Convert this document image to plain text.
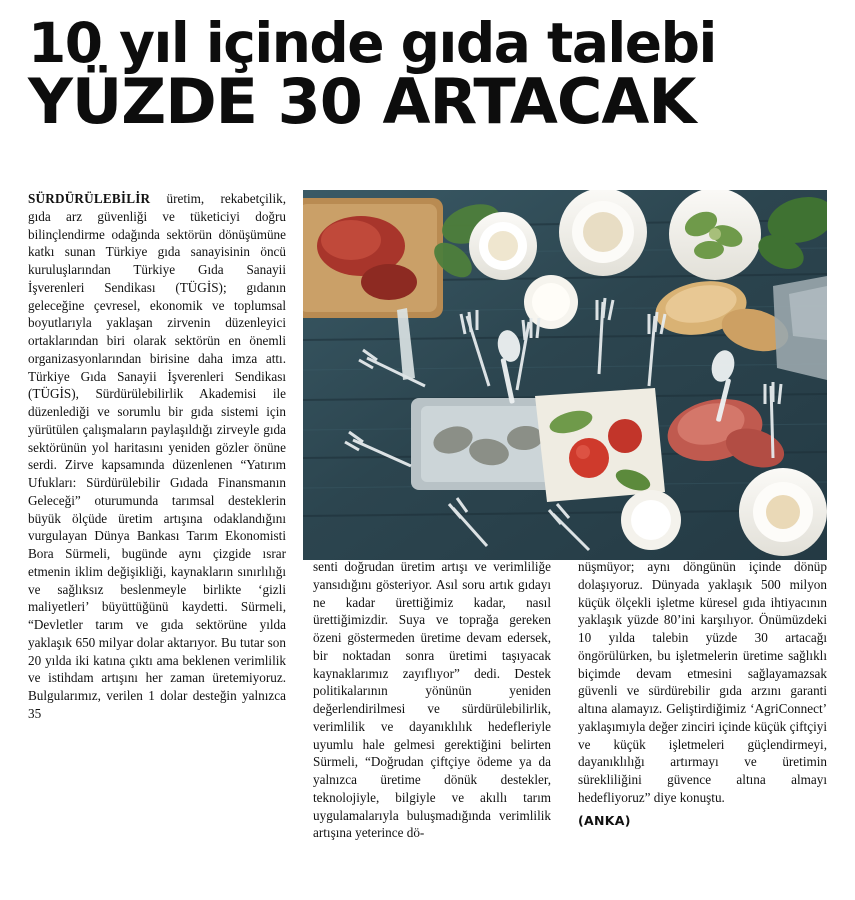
10 yıl içinde gıda talebi
YÜZDE 30 ARTACAK

SÜRDÜRÜLEBİLİR üretim, rekabetçilik, gıda arz güvenliği ve tüketiciyi doğru bilinçlendirme odağında sektörün dönüşümüne katkı sunan Türkiye gıda sanayisinin öncü kuruluşlarından Türkiye Gıda Sanayii İşverenleri Sendikası (TÜGİS); gıdanın geleceğine çevresel, ekonomik ve toplumsal boyutlarıyla yaklaşan zirvenin düzenleyici ortaklarından biri olarak sektörün en önemli organizasyonlarından birisine daha imza attı. Türkiye Gıda Sanayii İşverenleri Sendikası (TÜGİS), Sürdürülebilirlik Akademisi ile düzenlediği ve sorumlu bir gıda sistemi için yürütülen çalışmaların paylaşıldığı zirveyle gıda sektörünün yol haritasını yeniden gözler önüne serdi. Zirve kapsamında düzenlenen “Yatırım Ufukları: Sürdürülebilir Gıdada Finansmanın Geleceği” oturumunda tarımsal desteklerin büyük ölçüde üretim artışına odaklandığını vurgulayan Dünya Bankası Tarım Ekonomisti Bora Sürmeli, bugünde aynı çizgide ısrar etmenin iklim değişikliği, kaynakların sınırlılığı ve sağlıksız beslenmeyle birlikte ‘gizli maliyetleri’ büyüttüğünü kaydetti. Sürmeli, “Devletler tarım ve gıda sektörüne yılda yaklaşık 650 milyar dolar aktarıyor. Bu tutar son 20 yılda iki katına çıktı ama beklenen verimlilik ve istihdam artışını her zaman üretemiyoruz. Bulgularımız, verilen 1 dolar desteğin yalnızca 35

senti doğrudan üretim artışı ve verimliliğe yansıdığını gösteriyor. Asıl soru artık gıdayı ne kadar ürettiğimiz kadar, nasıl ürettiğimizdir. Suya ve toprağa gereken özeni göstermeden üretime devam edersek, bir noktadan sonra üretimi taşıyacak kaynaklarımız zayıflıyor” dedi. Destek politikalarının yönünün yeniden değerlendirilmesi ve sürdürülebilirlik, verimlilik ve dayanıklılık hedefleriyle uyumlu hale gelmesi gerektiğini belirten Sürmeli, “Doğrudan çiftçiye ödeme ya da yalnızca üretime dönük destekler, teknolojiyle, bilgiyle ve akıllı tarım uygulamalarıyla buluşmadığında verimlilik artışına yeterince dö-

nüşmüyor; aynı döngünün içinde dönüp dolaşıyoruz. Dünyada yaklaşık 500 milyon küçük ölçekli işletme küresel gıda ihtiyacının yaklaşık yüzde 80’ini karşılıyor. Önümüzdeki 10 yılda talebin yüzde 30 artacağı öngörülürken, bu işletmelerin üretime sağlıklı biçimde devam etmesini sağlayamazsak güvenli ve sürdürebilir gıda arzını garanti altına alamayız. Geliştirdiğimiz ‘AgriConnect’ yaklaşımıyla değer zinciri içinde küçük çiftçiyi ve küçük işletmeleri güçlendirmeyi, dayanıklılığı artırmayı ve üretimin sürekliliğini güvence altına almayı hedefliyoruz” diye konuştu.

(ANKA)
